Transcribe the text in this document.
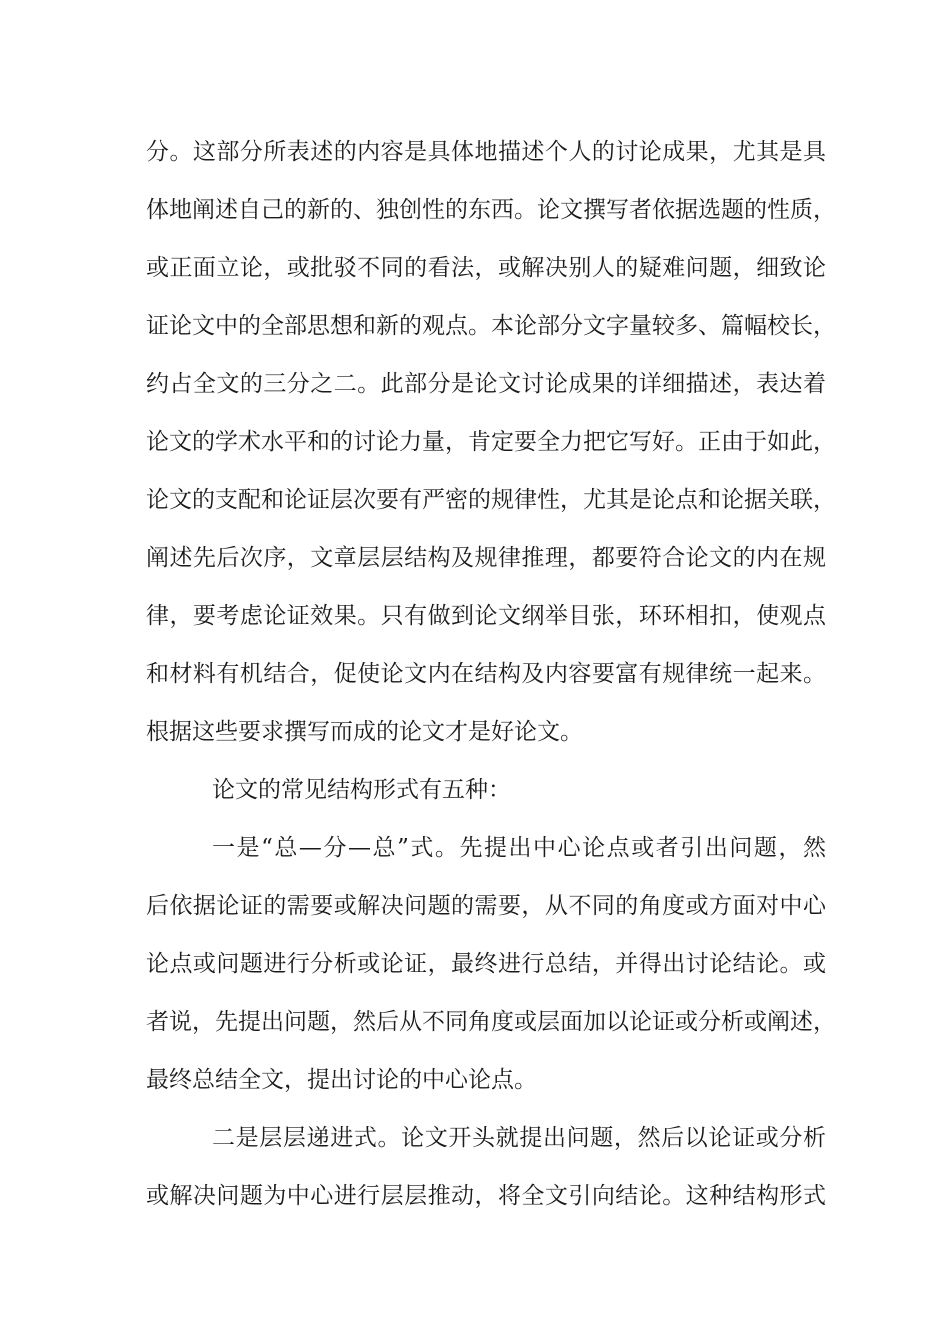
分。这部分所表述的内容是具体地描述个人的讨论成果，尤其是具
体地阐述自己的新的、独创性的东西。论文撰写者依据选题的性质，
或正面立论，或批驳不同的看法，或解决别人的疑难问题，细致论
证论文中的全部思想和新的观点。本论部分文字量较多、篇幅校长，
约占全文的三分之二。此部分是论文讨论成果的详细描述，表达着
论文的学术水平和的讨论力量，肯定要全力把它写好。正由于如此，
论文的支配和论证层次要有严密的规律性，尤其是论点和论据关联，
阐述先后次序，文章层层结构及规律推理，都要符合论文的内在规
律，要考虑论证效果。只有做到论文纲举目张，环环相扣，使观点
和材料有机结合，促使论文内在结构及内容要富有规律统一起来。
根据这些要求撰写而成的论文才是好论文。
论文的常见结构形式有五种：
一是“总—分—总”式。先提出中心论点或者引出问题，然
后依据论证的需要或解决问题的需要，从不同的角度或方面对中心
论点或问题进行分析或论证，最终进行总结，并得出讨论结论。或
者说，先提出问题，然后从不同角度或层面加以论证或分析或阐述，
最终总结全文，提出讨论的中心论点。
二是层层递进式。论文开头就提出问题，然后以论证或分析
或解决问题为中心进行层层推动，将全文引向结论。这种结构形式
